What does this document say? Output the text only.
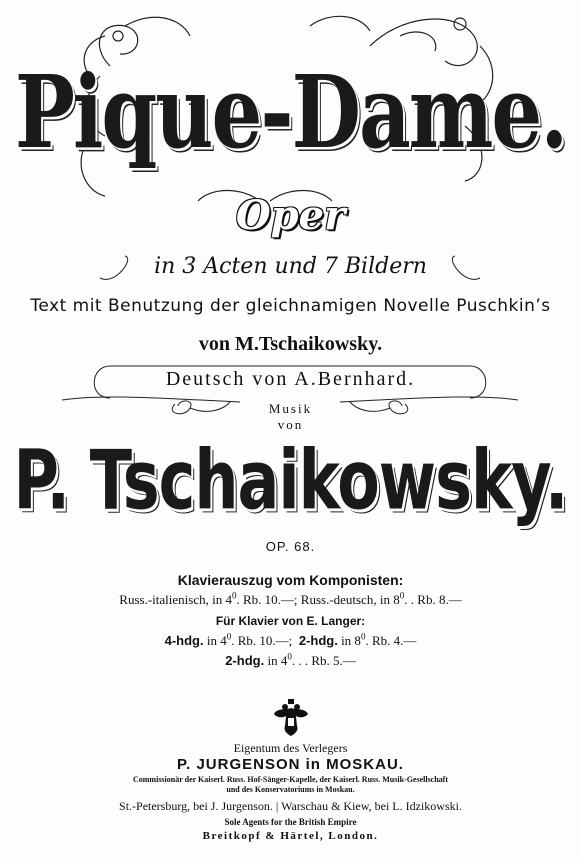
Pique-Dame.
Oper
in 3 Acten und 7 Bildern
Text mit Benutzung der gleichnamigen Novelle Puschkin’s
von M.Tschaikowsky.
Deutsch von A.Bernhard.
Musik
von
P. Tschaikowsky.
OP. 68.
Klavierauszug vom Komponisten:
Russ.-italienisch, in $4^0$. Rb. 10.—; Russ.-deutsch, in $8^0$. . Rb. 8.—
Für Klavier von E. Langer:
4-hdg. in $4^0$. Rb. 10.—; 2-hdg. in $8^0$. Rb. 4.—
2-hdg. in $4^0$. . . Rb. 5.—
Eigentum des Verlegers
P. JURGENSON in MOSKAU.
Commissionär der Kaiserl. Russ. Hof-Sänger-Kapelle, der Kaiserl. Russ. Musik-Gesellschaft
und des Konservatoriums in Moskau.
St.-Petersburg, bei J. Jurgenson. | Warschau & Kiew, bei L. Idzikowski.
Sole Agents for the British Empire
Breitkopf & Härtel, London.
